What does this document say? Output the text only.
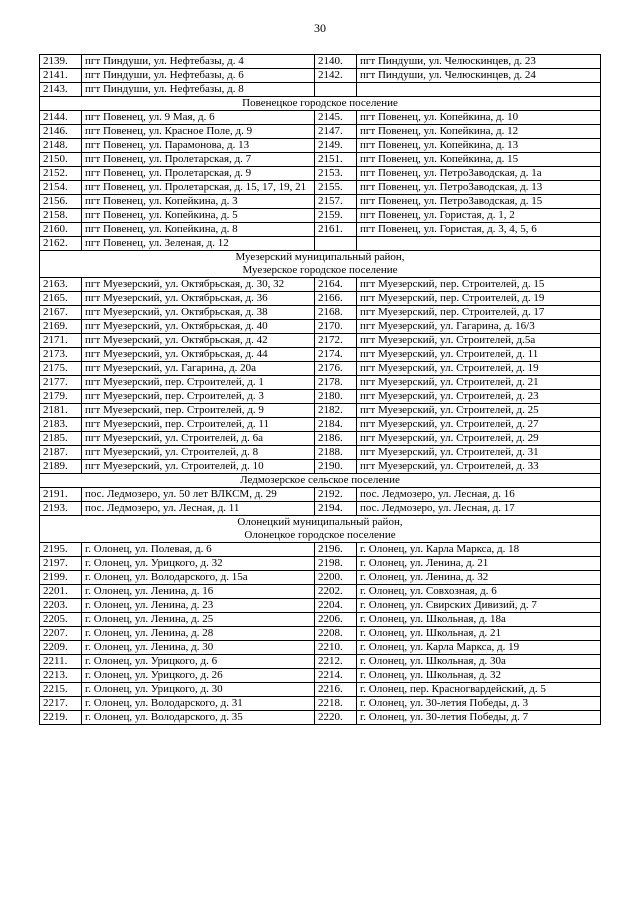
30
2139.	пгт Пиндуши, ул. Нефтебазы, д. 4	2140.	пгт Пиндуши, ул. Челюскинцев, д. 23
2141.	пгт Пиндуши, ул. Нефтебазы, д. 6	2142.	пгт Пиндуши, ул. Челюскинцев, д. 24
2143.	пгт Пиндуши, ул. Нефтебазы, д. 8		

Повенецкое городское поселение			

2144.	пгт Повенец, ул. 9 Мая, д. 6	2145.	пгт Повенец, ул. Копейкина, д. 10
2146.	пгт Повенец, ул. Красное Поле, д. 9	2147.	пгт Повенец, ул. Копейкина, д. 12
2148.	пгт Повенец, ул. Парамонова, д. 13	2149.	пгт Повенец, ул. Копейкина, д. 13
2150.	пгт Повенец, ул. Пролетарская, д. 7	2151.	пгт Повенец, ул. Копейкина, д. 15
2152.	пгт Повенец, ул. Пролетарская, д. 9	2153.	пгт Повенец, ул. ПетроЗаводская, д. 1а
2154.	пгт Повенец, ул. Пролетарская, д. 15, 17, 19, 21	2155.	пгт Повенец, ул. ПетроЗаводская, д. 13
2156.	пгт Повенец, ул. Копейкина, д. 3	2157.	пгт Повенец, ул. ПетроЗаводская, д. 15
2158.	пгт Повенец, ул. Копейкина, д. 5	2159.	пгт Повенец, ул. Гористая, д. 1, 2
2160.	пгт Повенец, ул. Копейкина, д. 8	2161.	пгт Повенец, ул. Гористая, д. 3, 4, 5, 6
2162.	пгт Повенец, ул. Зеленая, д. 12		

Муезерский муниципальный район,
Муезерское городское поселение			

2163.	пгт Муезерский, ул. Октябрьская, д. 30, 32	2164.	пгт Муезерский, пер. Строителей, д. 15
2165.	пгт Муезерский, ул. Октябрьская, д. 36	2166.	пгт Муезерский, пер. Строителей, д. 19
2167.	пгт Муезерский, ул. Октябрьская, д. 38	2168.	пгт Муезерский, пер. Строителей, д. 17
2169.	пгт Муезерский, ул. Октябрьская, д. 40	2170.	пгт Муезерский, ул. Гагарина, д. 16/3
2171.	пгт Муезерский, ул. Октябрьская, д. 42	2172.	пгт Муезерский, ул. Строителей, д.5а
2173.	пгт Муезерский, ул. Октябрьская, д. 44	2174.	пгт Муезерский, ул. Строителей, д. 11
2175.	пгт Муезерский, ул. Гагарина, д. 20а	2176.	пгт Муезерский, ул. Строителей, д. 19
2177.	пгт Муезерский, пер. Строителей, д. 1	2178.	пгт Муезерский, ул. Строителей, д. 21
2179.	пгт Муезерский, пер. Строителей, д. 3	2180.	пгт Муезерский, ул. Строителей, д. 23
2181.	пгт Муезерский, пер. Строителей, д. 9	2182.	пгт Муезерский, ул. Строителей, д. 25
2183.	пгт Муезерский, пер. Строителей, д. 11	2184.	пгт Муезерский, ул. Строителей, д. 27
2185.	пгт Муезерский, ул. Строителей, д. 6а	2186.	пгт Муезерский, ул. Строителей, д. 29
2187.	пгт Муезерский, ул. Строителей, д. 8	2188.	пгт Муезерский, ул. Строителей, д. 31
2189.	пгт Муезерский, ул. Строителей, д. 10	2190.	пгт Муезерский, ул. Строителей, д. 33

Ледмозерское сельское поселение			

2191.	пос. Ледмозеро, ул. 50 лет ВЛКСМ, д. 29	2192.	пос. Ледмозеро, ул. Лесная, д. 16
2193.	пос. Ледмозеро, ул. Лесная, д. 11	2194.	пос. Ледмозеро, ул. Лесная, д. 17

Олонецкий муниципальный район,
Олонецкое городское поселение			

2195.	г. Олонец, ул. Полевая, д. 6	2196.	г. Олонец, ул. Карла Маркса, д. 18
2197.	г. Олонец, ул. Урицкого, д. 32	2198.	г. Олонец, ул. Ленина, д. 21
2199.	г. Олонец, ул. Володарского, д. 15а	2200.	г. Олонец, ул. Ленина, д. 32
2201.	г. Олонец, ул. Ленина, д. 16	2202.	г. Олонец, ул. Совхозная, д. 6
2203.	г. Олонец, ул. Ленина, д. 23	2204.	г. Олонец, ул. Свирских Дивизий, д. 7
2205.	г. Олонец, ул. Ленина, д. 25	2206.	г. Олонец, ул. Школьная, д. 18а
2207.	г. Олонец, ул. Ленина, д. 28	2208.	г. Олонец, ул. Школьная, д. 21
2209.	г. Олонец, ул. Ленина, д. 30	2210.	г. Олонец, ул. Карла Маркса, д. 19
2211.	г. Олонец, ул. Урицкого, д. 6	2212.	г. Олонец, ул. Школьная, д. 30а
2213.	г. Олонец, ул. Урицкого, д. 26	2214.	г. Олонец, ул. Школьная, д. 32
2215.	г. Олонец, ул. Урицкого, д. 30	2216.	г. Олонец, пер. Красногвардейский, д. 5
2217.	г. Олонец, ул. Володарского, д. 31	2218.	г. Олонец, ул. 30-летия Победы, д. 3
2219.	г. Олонец, ул. Володарского, д. 35	2220.	г. Олонец, ул. 30-летия Победы, д. 7
